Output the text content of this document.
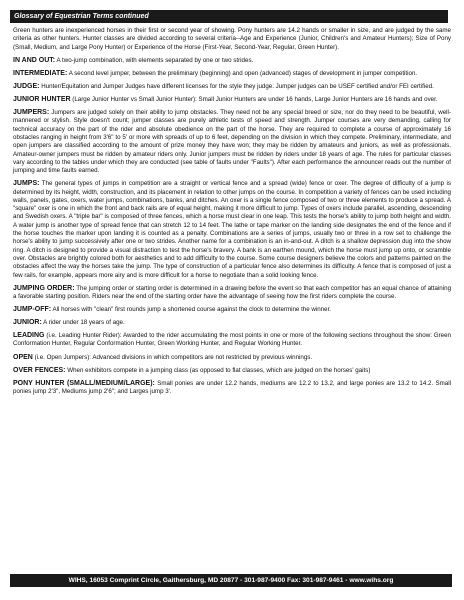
Glossary of Equestrian Terms continued

Green hunters are inexperienced horses in their first or second year of showing. Pony hunters are 14.2 hands or smaller in size, and are judged by the same criteria as other hunters. Hunter classes are divided according to several criteria--Age and Experience (Junior, Children's and Amateur Hunters); Size of Pony (Small, Medium, and Large Pony Hunter) or Experience of the Horse (First-Year, Second-Year, Regular, Green Hunter).

IN AND OUT: A two-jump combination, with elements separated by one or two strides.

INTERMEDIATE: A second level jumper, between the preliminary (beginning) and open (advanced) stages of development in jumper competition.

JUDGE: Hunter/Equitation and Jumper Judges have different licenses for the style they judge. Jumper judges can be USEF certified and/or FEI certified.

JUNIOR HUNTER (Large Junior Hunter vs Small Junior Hunter): Small Junior Hunters are under 16 hands, Large Junior Hunters are 16 hands and over.

JUMPERS: Jumpers are judged solely on their ability to jump obstacles. They need not be any special breed or size, nor do they need to be beautiful, well-mannered or stylish. Style doesn't count; jumper classes are purely athletic tests of speed and strength. Jumper courses are very demanding, calling for technical accuracy on the part of the rider and absolute obedience on the part of the horse. They are required to complete a course of approximately 16 obstacles ranging in height from 3'6" to 5' or more with spreads of up to 6 feet, depending on the division in which they compete. Preliminary, intermediate, and open jumpers are classified according to the amount of prize money they have won; they may be ridden by amateurs and juniors, as well as professionals. Amateur-owner jumpers must be ridden by amateur riders only. Junior jumpers must be ridden by riders under 18 years of age. The rules for particular classes vary according to the tables under which they are conducted (see table of faults under "Faults"). After each performance the announcer reads out the number of jumping and time faults earned.

JUMPS: The general types of jumps in competition are a straight or vertical fence and a spread (wide) fence or oxer. The degree of difficulty of a jump is determined by its height, width, construction, and its placement in relation to other jumps on the course. In competition a variety of fences can be used including walls, panels, gates, oxers, water jumps, combinations, banks, and ditches. An oxer is a single fence composed of two or three elements to produce a spread. A "square" oxer is one in which the front and back rails are of equal height, making it more difficult to jump. Types of oxers include parallel, ascending, descending and Swedish oxers. A "triple bar" is composed of three fences, which a horse must clear in one leap. This tests the horse's ability to jump both height and width. A water jump is another type of spread fence that can stretch 12 to 14 feet. The lathe or tape marker on the landing side designates the end of the fence and if the horse touches the marker upon landing it is counted as a penalty. Combinations are a series of jumps, usually two or three in a row set to challenge the horse's ability to jump successively after one or two strides. Another name for a combination is an in-and-out. A ditch is a shallow depression dug into the show ring. A ditch is designed to provide a visual distraction to test the horse's bravery. A bank is an earthen mound, which the horse must jump up onto, or scramble over. Obstacles are brightly colored both for aesthetics and to add difficulty to the course. Some course designers believe the colors and patterns painted on the obstacles affect the way the horses take the jump. The type of construction of a particular fence also determines its difficulty. A fence that is composed of just a few rails, for example, appears more airy and is more difficult for a horse to negotiate than a solid looking fence.

JUMPING ORDER: The jumping order or starting order is determined in a drawing before the event so that each competitor has an equal chance of attaining a favorable starting position. Riders near the end of the starting order have the advantage of seeing how the first riders complete the course.

JUMP-OFF: All horses with "clean" first rounds jump a shortened course against the clock to determine the winner.

JUNIOR: A rider under 18 years of age.

LEADING (i.e. Leading Hunter Rider): Awarded to the rider accumulating the most points in one or more of the following sections throughout the show: Green Conformation Hunter, Regular Conformation Hunter, Green Working Hunter, and Regular Working Hunter.

OPEN (i.e. Open Jumpers): Advanced divisions in which competitors are not restricted by previous winnings.

OVER FENCES: When exhibitors compete in a jumping class (as opposed to flat classes, which are judged on the horses' gaits)

PONY HUNTER (SMALL/MEDIUM/LARGE): Small ponies are under 12.2 hands, mediums are 12.2 to 13.2, and large ponies are 13.2 to 14.2. Small ponies jump 2'3", Mediums jump 2'6"; and Larges jump 3'.

WIHS, 16053 Comprint Circle, Gaithersburg, MD 20877 - 301-987-9400 Fax: 301-987-9461 - www.wihs.org
